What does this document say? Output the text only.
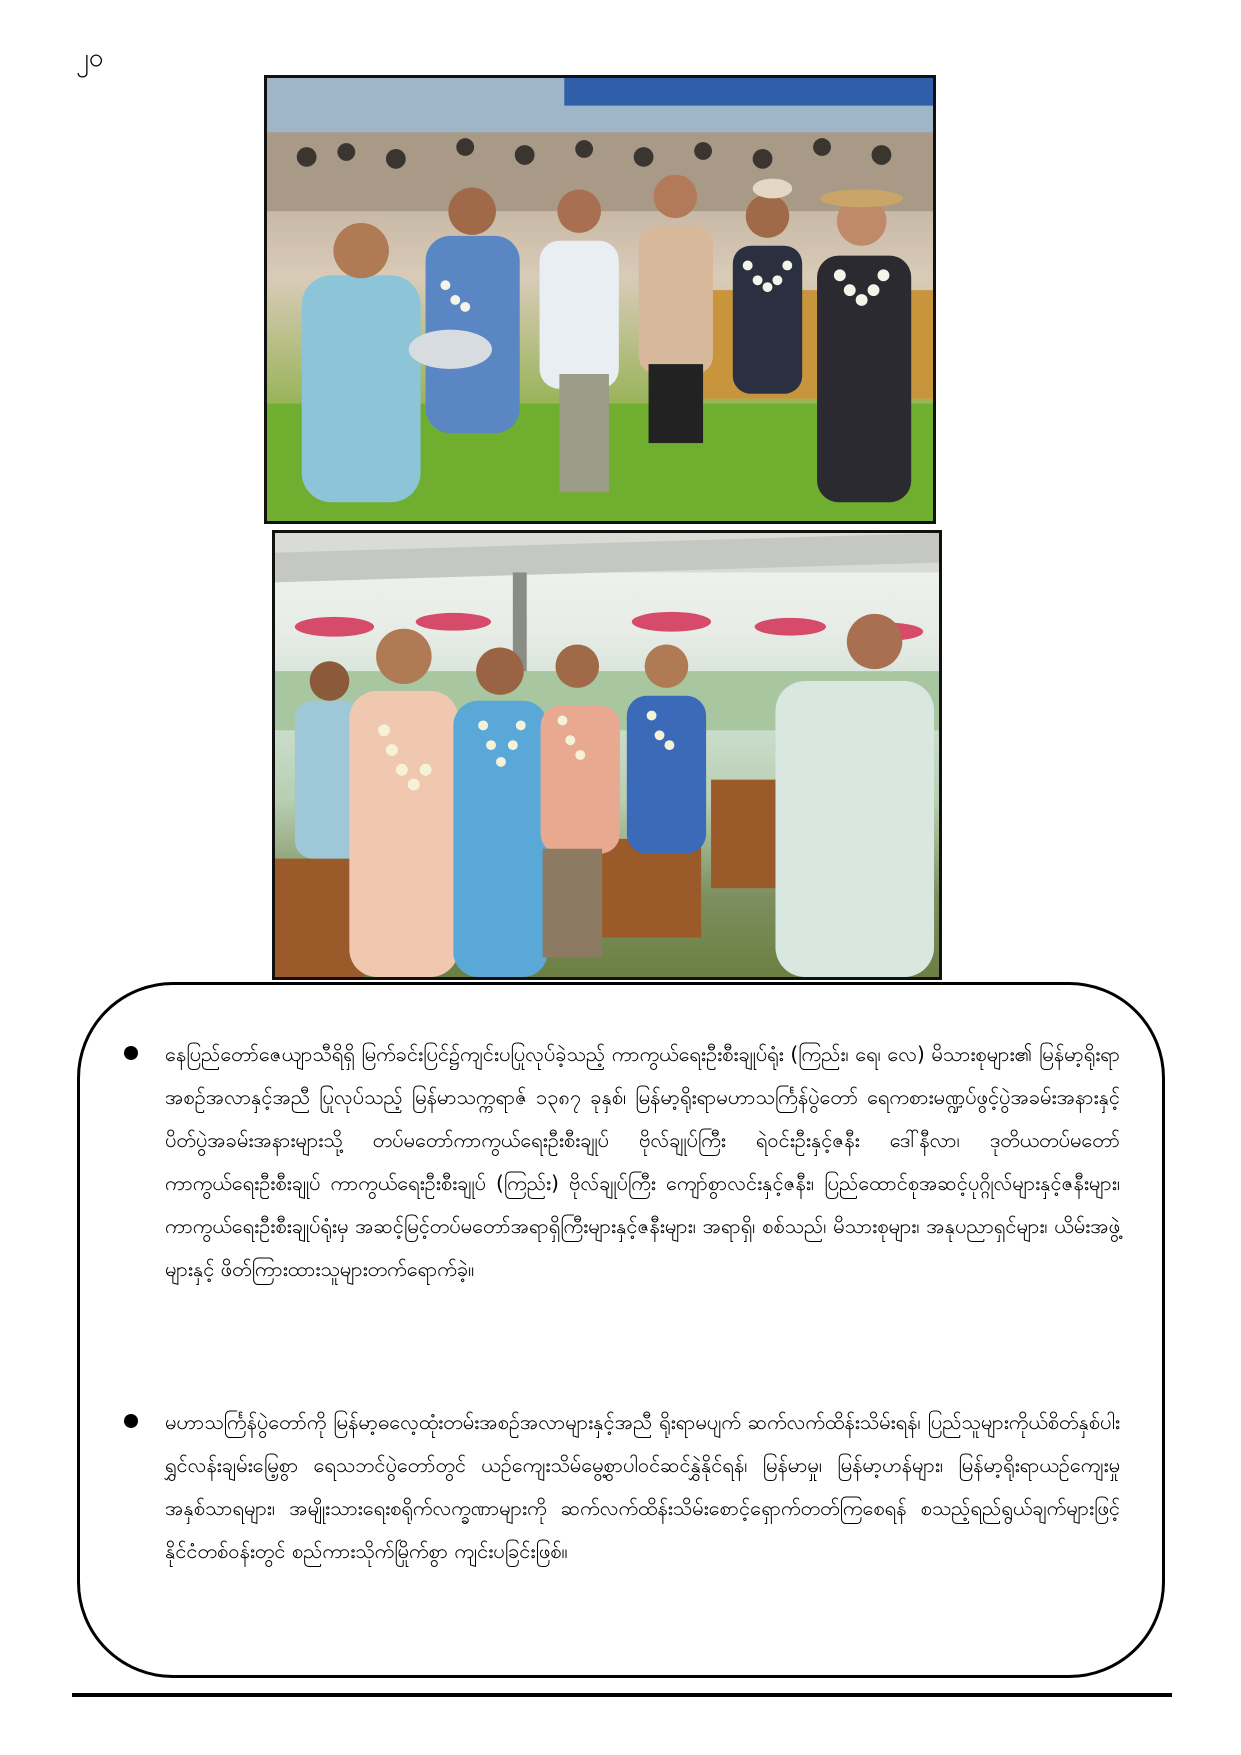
၂၀
နေပြည်တော်ဇေယျာသီရိရှိ မြက်ခင်းပြင်၌ကျင်းပပြုလုပ်ခဲ့သည့် ကာကွယ်ရေးဦးစီးချုပ်ရုံး (ကြည်း၊ ရေ၊ လေ) မိသားစုများ၏ မြန်မာ့ရိုးရာအစဉ်အလာနှင့်အညီ ပြုလုပ်သည့် မြန်မာသက္ကရာဇ် ၁၃၈၇ ခုနှစ်၊ မြန်မာ့ရိုးရာမဟာသင်္ကြန်ပွဲတော် ရေကစားမဏ္ဍပ်ဖွင့်ပွဲအခမ်းအနားနှင့် ပိတ်ပွဲအခမ်းအနားများသို့ တပ်မတော်ကာကွယ်ရေးဦးစီးချုပ် ဗိုလ်ချုပ်ကြီး ရဲဝင်းဦးနှင့်ဇနီး ဒေါ်နီလာ၊ ဒုတိယတပ်မတော်ကာကွယ်ရေးဦးစီးချုပ် ကာကွယ်ရေးဦးစီးချုပ် (ကြည်း) ဗိုလ်ချုပ်ကြီး ကျော်စွာလင်းနှင့်ဇနီး၊ ပြည်ထောင်စုအဆင့်ပုဂ္ဂိုလ်များနှင့်ဇနီးများ၊ ကာကွယ်ရေးဦးစီးချုပ်ရုံးမှ အဆင့်မြင့်တပ်မတော်အရာရှိကြီးများနှင့်ဇနီးများ၊ အရာရှိ၊ စစ်သည်၊ မိသားစုများ၊ အနုပညာရှင်များ၊ ယိမ်းအဖွဲ့များနှင့် ဖိတ်ကြားထားသူများတက်ရောက်ခဲ့။
မဟာသင်္ကြန်ပွဲတော်ကို မြန်မာ့ဓလေ့ထုံးတမ်းအစဉ်အလာများနှင့်အညီ ရိုးရာမပျက် ဆက်လက်ထိန်းသိမ်းရန်၊ ပြည်သူများကိုယ်စိတ်နှစ်ပါး ရွှင်လန်းချမ်းမြေ့စွာ ရေသဘင်ပွဲတော်တွင် ယဉ်ကျေးသိမ်မွေ့စွာပါဝင်ဆင်နွှဲနိုင်ရန်၊ မြန်မာမှု၊ မြန်မာ့ဟန်များ၊ မြန်မာ့ရိုးရာယဉ်ကျေးမှုအနှစ်သာရများ၊ အမျိုးသားရေးစရိုက်လက္ခဏာများကို ဆက်လက်ထိန်းသိမ်းစောင့်ရှောက်တတ်ကြစေရန် စသည့်ရည်ရွယ်ချက်များဖြင့် နိုင်ငံတစ်ဝန်းတွင် စည်ကားသိုက်မြိုက်စွာ ကျင်းပခြင်းဖြစ်။
